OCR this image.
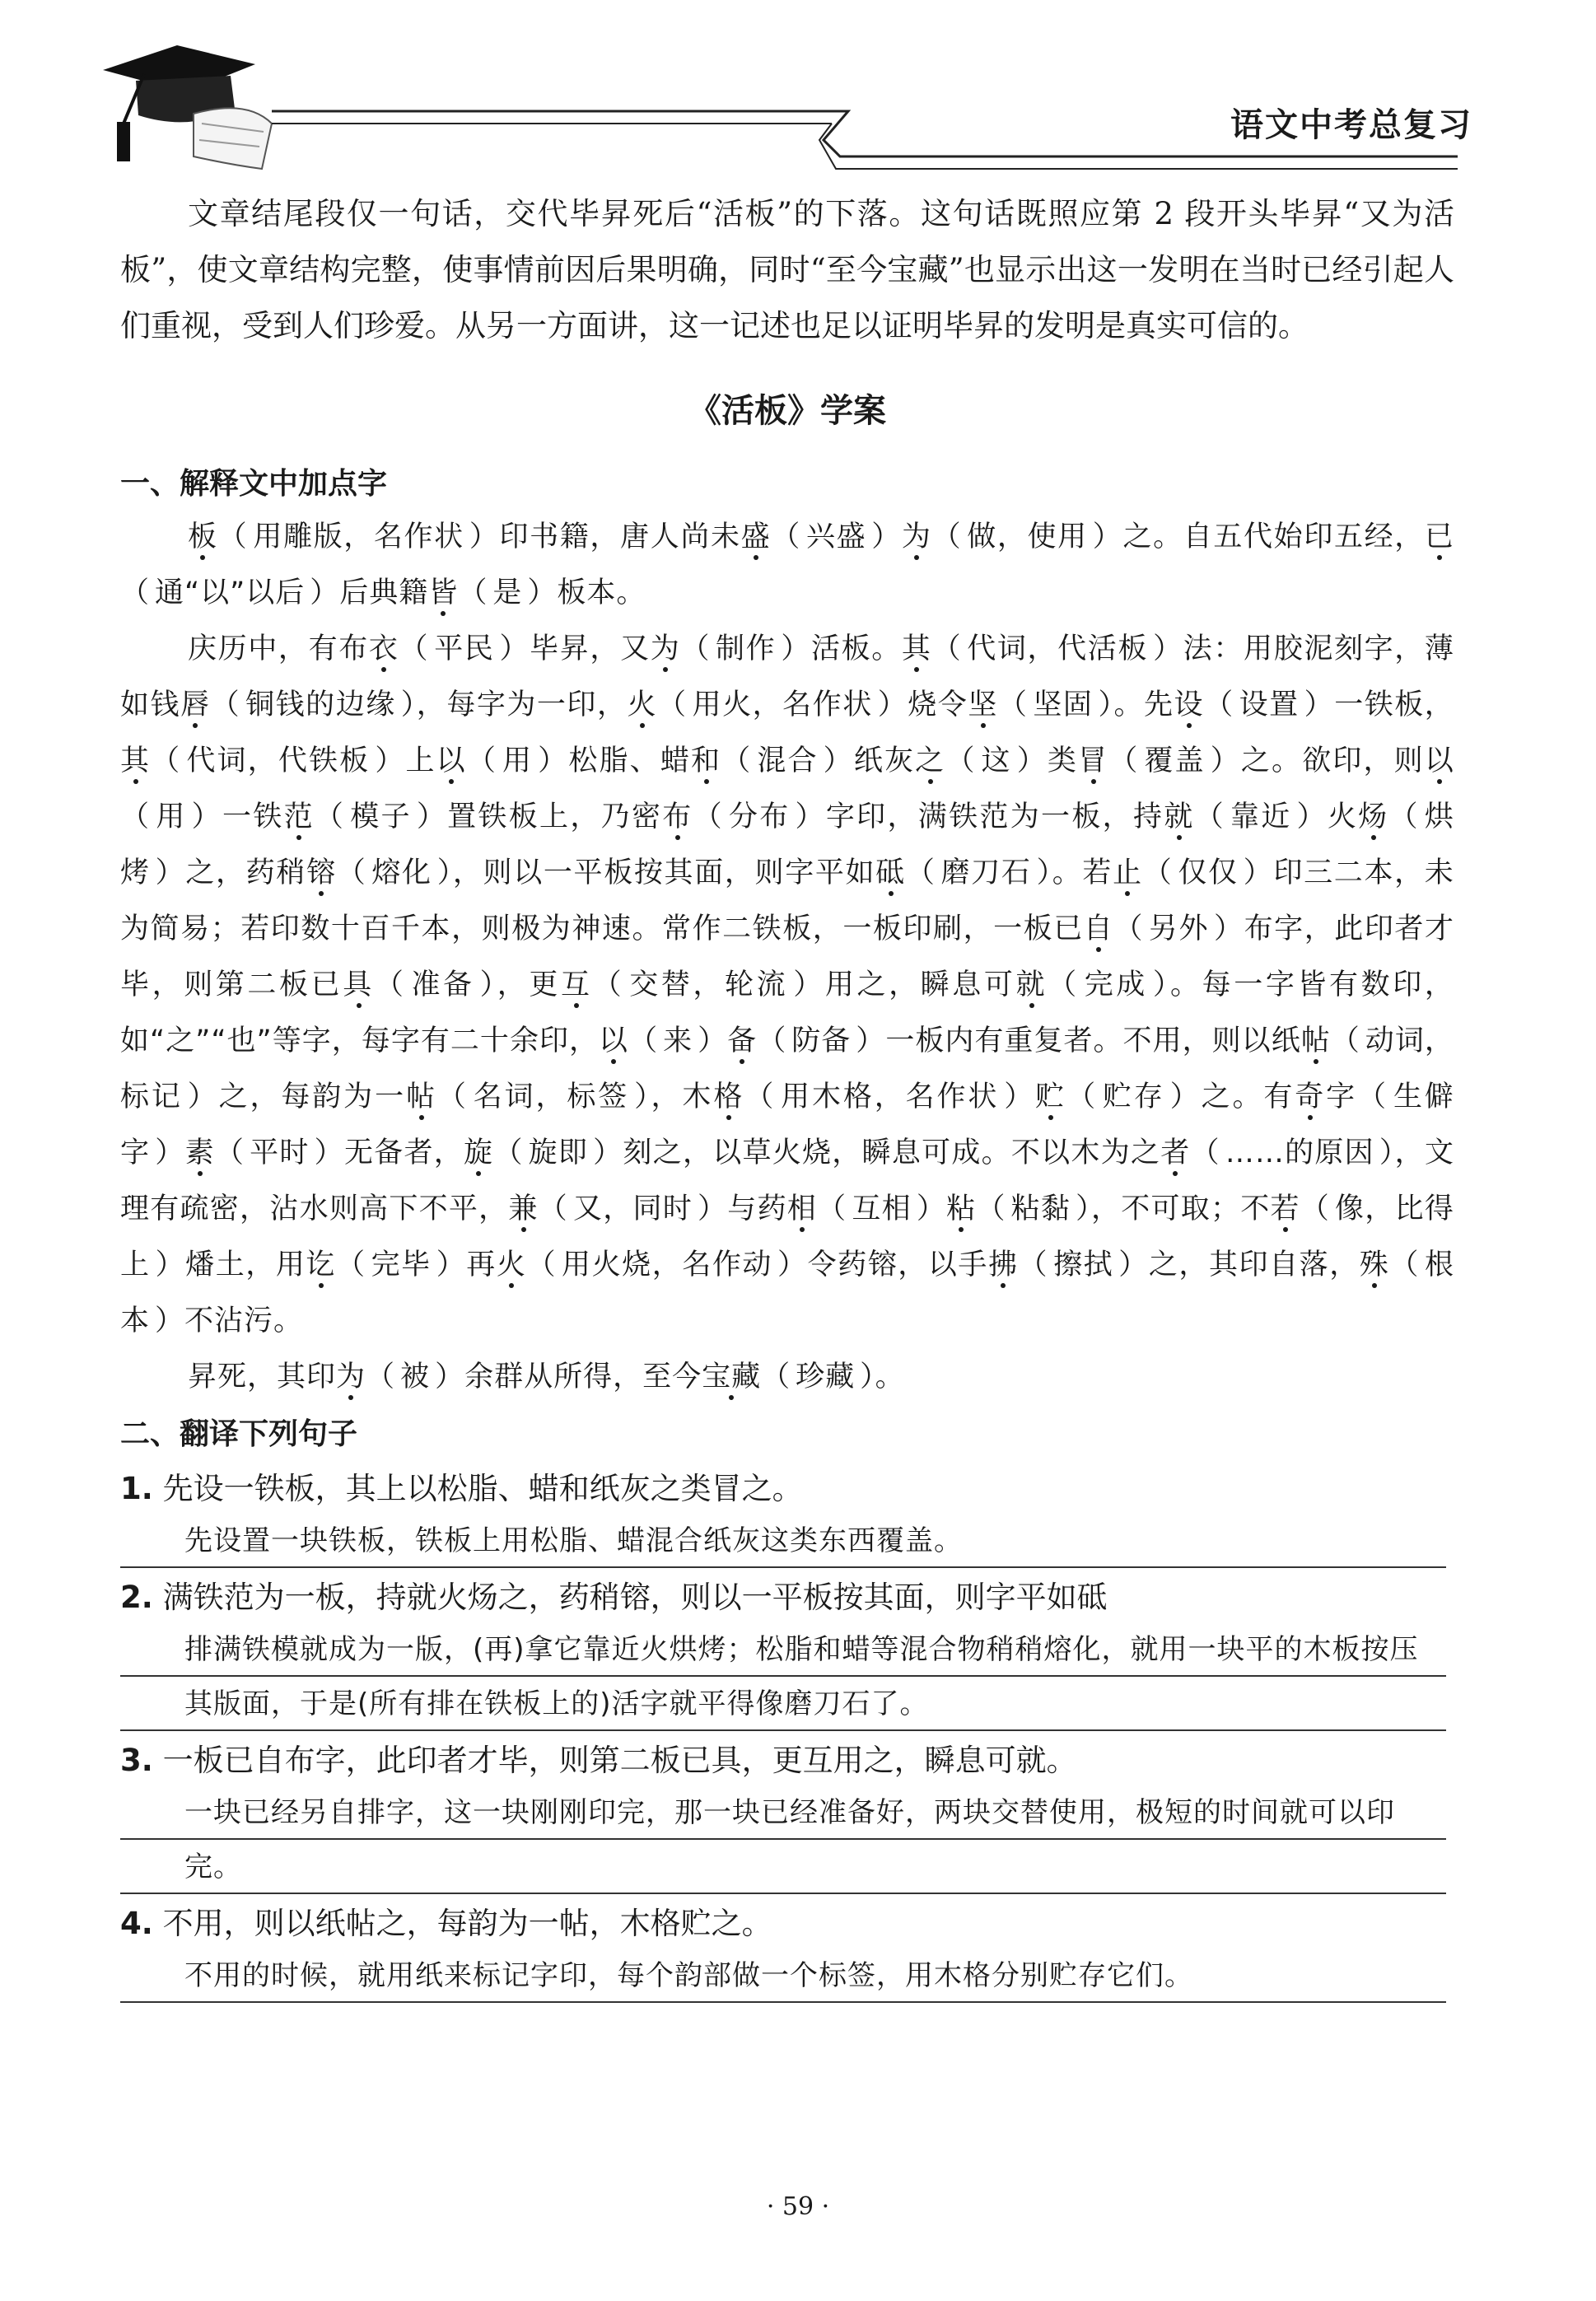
语文中考总复习

文章结尾段仅一句话，交代毕昇死后“活板”的下落。这句话既照应第 2 段开头毕昇“又为活板”，使文章结构完整，使事情前因后果明确，同时“至今宝藏”也显示出这一发明在当时已经引起人们重视，受到人们珍爱。从另一方面讲，这一记述也足以证明毕昇的发明是真实可信的。

《活板》学案
一、解释文中加点字

板（ 用雕版，名作状 ）印书籍，唐人尚未盛（ 兴盛 ）为（ 做，使用 ）之。自五代始印五经，已（ 通“以”以后 ）后典籍皆（ 是 ）板本。

庆历中，有布衣（ 平民 ）毕昇，又为（ 制作 ）活板。其（ 代词，代活板 ）法：用胶泥刻字，薄如钱唇（ 铜钱的边缘 ），每字为一印，火（ 用火，名作状 ）烧令坚（ 坚固 ）。先设（ 设置 ）一铁板，其（ 代词，代铁板 ）上以（ 用 ）松脂、蜡和（ 混合 ）纸灰之（ 这 ）类冒（ 覆盖 ）之。欲印，则以（ 用 ）一铁范（ 模子 ）置铁板上，乃密布（ 分布 ）字印，满铁范为一板，持就（ 靠近 ）火炀（ 烘烤 ）之，药稍镕（ 熔化 ），则以一平板按其面，则字平如砥（ 磨刀石 ）。若止（ 仅仅 ）印三二本，未为简易；若印数十百千本，则极为神速。常作二铁板，一板印刷，一板已自（ 另外 ）布字，此印者才毕，则第二板已具（ 准备 ），更互（ 交替，轮流 ）用之，瞬息可就（ 完成 ）。每一字皆有数印，如“之”“也”等字，每字有二十余印，以（ 来 ）备（ 防备 ）一板内有重复者。不用，则以纸帖（ 动词，标记 ）之，每韵为一帖（ 名词，标签 ），木格（ 用木格，名作状 ）贮（ 贮存 ）之。有奇字（ 生僻字 ）素（ 平时 ）无备者，旋（ 旋即 ）刻之，以草火烧，瞬息可成。不以木为之者（ ……的原因 ），文理有疏密，沾水则高下不平，兼（ 又，同时 ）与药相（ 互相 ）粘（ 粘黏 ），不可取；不若（ 像，比得上 ）燔土，用讫（ 完毕 ）再火（ 用火烧，名作动 ）令药镕，以手拂（ 擦拭 ）之，其印自落，殊（ 根本 ）不沾污。

昇死，其印为（ 被 ）余群从所得，至今宝藏（ 珍藏 ）。

二、翻译下列句子

1. 先设一铁板，其上以松脂、蜡和纸灰之类冒之。

先设置一块铁板，铁板上用松脂、蜡混合纸灰这类东西覆盖。

2. 满铁范为一板，持就火炀之，药稍镕，则以一平板按其面，则字平如砥

排满铁模就成为一版，(再)拿它靠近火烘烤；松脂和蜡等混合物稍稍熔化，就用一块平的木板按压其版面，于是(所有排在铁板上的)活字就平得像磨刀石了。

3. 一板已自布字，此印者才毕，则第二板已具，更互用之，瞬息可就。

一块已经另自排字，这一块刚刚印完，那一块已经准备好，两块交替使用，极短的时间就可以印完。

4. 不用，则以纸帖之，每韵为一帖，木格贮之。

不用的时候，就用纸来标记字印，每个韵部做一个标签，用木格分别贮存它们。

· 59 ·
